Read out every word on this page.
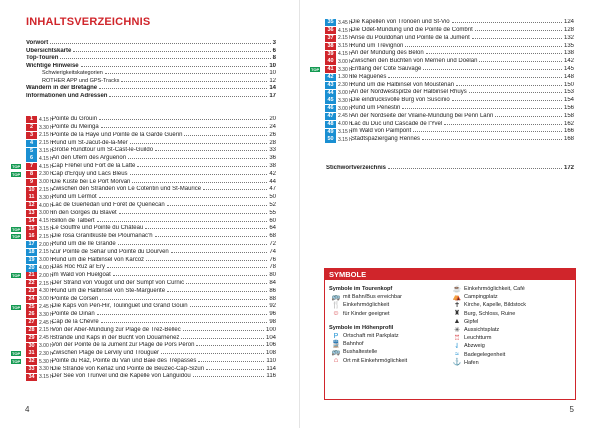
INHALTSVERZEICHNIS
Vorwort	3
Übersichtskarte	6
Top-Touren	8
Wichtige Hinweise	10
Schwierigkeitskategorien	10
ROTHER APP und GPS-Tracks	12
Wandern in der Bretagne	14
Informationen und Adressen	17
1	4.15 h Pointe du Grouin	20
2	3.30 h Pointe du Meinga	24
3	2.15 h Pointe de la Haye und Pointe de la Garde Guérin	26
4	2.15 h Rund um St-Jacut-de-la-Mer	28
5	3.15 h Große Rundtour um St-Cast-le-Guildo	33
6	4.15 h An den Ufern des Arguenon	36
TOP	7	4.15 h Cap Fréhel und Fort de la Latte	38
TOP	8	2.30 h Cap d'Erquy und Lacs Bleus	42
9	3.00 h Die Küste bei Le Port Morvan	44
10 2.15 h Zwischen den Stränden von Le Cotentin und St-Maurice	47
11 3.30 h Rund um Lermot	50
12 4.00 h Lac de Guerlédan und Forêt de Quénécan	52
13 3.00 h In den Gorges du Blavet	55
14 4.15 h Sillon de Talbert	60
TOP	15 3.15 h Le Gouffre und Pointe du Château	64
TOP	16 2.15 h Die rosa Granitküste bei Ploumanac'h	68
17 2.00 h Rund um die Île Grande	72
18 2.15 h Zur Pointe de Séhar und Pointe du Dourven	74
19 3.00 h Rund um die Halbinsel von Karcoz	76
20 4.00 h Das Roc Ruz ar Ery	78
TOP	21 2.00 h Im Wald von Huelgoat	80
22 2.15 h Der Strand von Vougot und der Sumpf von Curnic	84
23 4.30 h Rund um die Halbinsel von Ste-Marguerite	86
24 3.00 h Pointe de Corsen	88
TOP	25 2.45 h Die Kaps von Pen-Hir, Toulinguet und Grand Gouin	92
26 3.30 h Pointe de Dinan	96
27 2.45 h Cap de la Chèvre	98
28 2.15 h Von der Aber-Mündung zur Plage de Trez-Bellec	100
29 2.45 h Strände und Kaps in der Bucht von Douarnenez	104
30 3.00 h Von der Pointe de la Jument zur Plage de Pors Péron	106
TOP	31 2.30 h Zwischen Plage de Lervily und Trouguer	108
TOP	32 5.30 h Pointe du Raz, Pointe du Van und Baie des Trépassés	110
33 3.30 h Die Strände von Kerlaz und Pointe de Beuzec-Cap-Sizun	114
34 3.15 h Der See von Trunvel und die Kapelle von Languidou	116
4
35 3.45 h Die Kapellen von Tronoën und St-Vio	124
36 4.15 h Die Odet-Mündung und die Pointe de Combrit	128
37 2.15 h Anse du Pouldohan und Pointe de la Jument	132
38 3.15 h Rund um Trévignon	135
39 4.15 h An der Mündung des Bélon	138
40 3.00 h Zwischen den Buchten von Merrien und Doëlan	142
TOP	41 3.30 h Entlang der Côte Sauvage	145
42 1.30 h Île Raguénès	148
43 2.30 h Rund um die Halbinsel von Moustérian	150
44 3.00 h An der Nordwestspitze der Halbinsel Rhuys	153
45 3.30 h Die eindrucksvolle Burg von Suscinio	154
46 3.00 h Rund um Pénestin	156
47 2.45 h An der Nordseite der Vilaine-Mündung bei Penn Lann	158
48 4.00 h Lac du Duc und Cascade de l'Yvel	162
49 3.15 h Im Wald von Paimpont	166
50 3.15 h Stadtspaziergang Rennes	168
Stichwortverzeichnis	172
SYMBOLE
Symbole im Tourenkopf
🚌 mit Bahn/Bus erreichbar
🍴 Einkehrmöglichkeit
☺ für Kinder geeignet
Symbole im Höhenprofil
P Ortschaft mit Parkplatz
🚆 Bahnhof
🚌 Bushaltestelle
⌂ Ort mit Einkehrmöglichkeit
☕ Einkehrmöglichkeit, Café
⛺ Campingplatz
✝ Kirche, Kapelle, Bildstock
♜ Burg, Schloss, Ruine
▲ Gipfel
✳ Aussichtsplatz
♖ Leuchtturm
⇃ Abzweig
≈ Badegelegenheit
⚓ Hafen
5
